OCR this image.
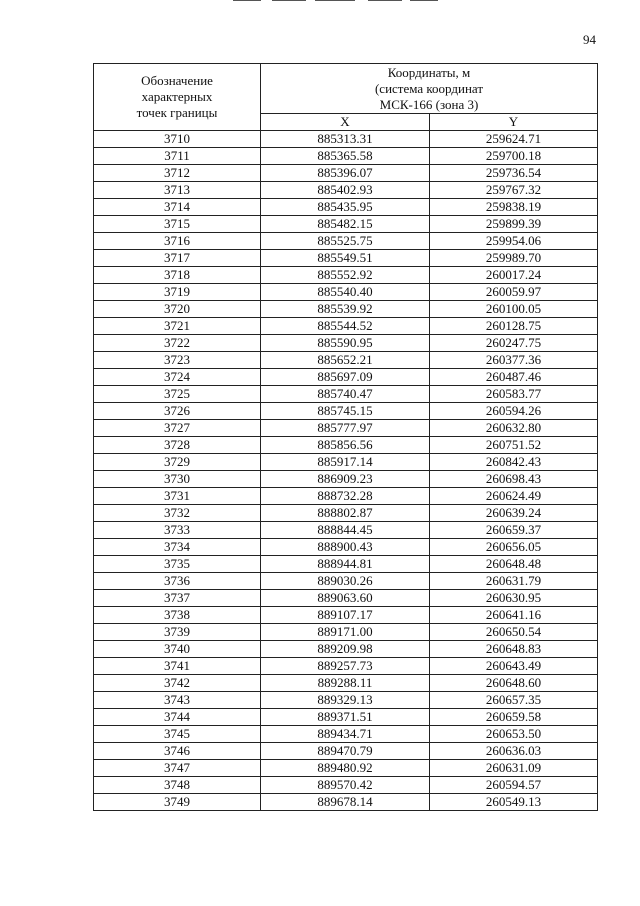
94
Обозначение
характерных
точек границы	Координаты, м
(система координат
МСК-166 (зона 3)	

	X	Y
3710	885313.31	259624.71
3711	885365.58	259700.18
3712	885396.07	259736.54
3713	885402.93	259767.32
3714	885435.95	259838.19
3715	885482.15	259899.39
3716	885525.75	259954.06
3717	885549.51	259989.70
3718	885552.92	260017.24
3719	885540.40	260059.97
3720	885539.92	260100.05
3721	885544.52	260128.75
3722	885590.95	260247.75
3723	885652.21	260377.36
3724	885697.09	260487.46
3725	885740.47	260583.77
3726	885745.15	260594.26
3727	885777.97	260632.80
3728	885856.56	260751.52
3729	885917.14	260842.43
3730	886909.23	260698.43
3731	888732.28	260624.49
3732	888802.87	260639.24
3733	888844.45	260659.37
3734	888900.43	260656.05
3735	888944.81	260648.48
3736	889030.26	260631.79
3737	889063.60	260630.95
3738	889107.17	260641.16
3739	889171.00	260650.54
3740	889209.98	260648.83
3741	889257.73	260643.49
3742	889288.11	260648.60
3743	889329.13	260657.35
3744	889371.51	260659.58
3745	889434.71	260653.50
3746	889470.79	260636.03
3747	889480.92	260631.09
3748	889570.42	260594.57
3749	889678.14	260549.13
